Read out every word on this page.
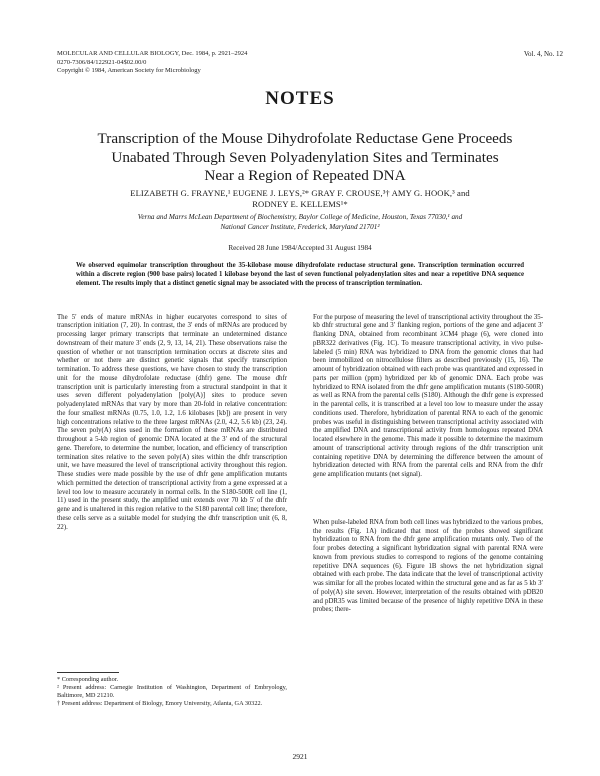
MOLECULAR AND CELLULAR BIOLOGY, Dec. 1984, p. 2921–2924
0270-7306/84/122921-04$02.00/0
Copyright © 1984, American Society for Microbiology
Vol. 4, No. 12
NOTES
Transcription of the Mouse Dihydrofolate Reductase Gene Proceeds
Unabated Through Seven Polyadenylation Sites and Terminates
Near a Region of Repeated DNA
ELIZABETH G. FRAYNE,¹ EUGENE J. LEYS,²* GRAY F. CROUSE,³† AMY G. HOOK,³ and
RODNEY E. KELLEMS¹*
Verna and Marrs McLean Department of Biochemistry, Baylor College of Medicine, Houston, Texas 77030,¹ and
National Cancer Institute, Frederick, Maryland 21701²
Received 28 June 1984/Accepted 31 August 1984
We observed equimolar transcription throughout the 35-kilobase mouse dihydrofolate reductase structural gene. Transcription termination occurred within a discrete region (900 base pairs) located 1 kilobase beyond the last of seven functional polyadenylation sites and near a repetitive DNA sequence element. The results imply that a distinct genetic signal may be associated with the process of transcription termination.

The 5′ ends of mature mRNAs in higher eucaryotes correspond to sites of transcription initiation (7, 20). In contrast, the 3′ ends of mRNAs are produced by processing larger primary transcripts that terminate an undetermined distance downstream of their mature 3′ ends (2, 9, 13, 14, 21). These observations raise the question of whether or not transcription termination occurs at discrete sites and whether or not there are distinct genetic signals that specify transcription termination. To address these questions, we have chosen to study the transcription unit for the mouse dihydrofolate reductase (dhfr) gene. The mouse dhfr transcription unit is particularly interesting from a structural standpoint in that it uses seven different polyadenylation [poly(A)] sites to produce seven polyadenylated mRNAs that vary by more than 20-fold in relative concentration: the four smallest mRNAs (0.75, 1.0, 1.2, 1.6 kilobases [kb]) are present in very high concentrations relative to the three largest mRNAs (2.0, 4.2, 5.6 kb) (23, 24). The seven poly(A) sites used in the formation of these mRNAs are distributed throughout a 5-kb region of genomic DNA located at the 3′ end of the structural gene. Therefore, to determine the number, location, and efficiency of transcription termination sites relative to the seven poly(A) sites within the dhfr transcription unit, we have measured the level of transcriptional activity throughout this region. These studies were made possible by the use of dhfr gene amplification mutants which permitted the detection of transcriptional activity from a gene expressed at a level too low to measure accurately in normal cells. In the S180-500R cell line (1, 11) used in the present study, the amplified unit extends over 70 kb 5′ of the dhfr gene and is unaltered in this region relative to the S180 parental cell line; therefore, these cells serve as a suitable model for studying the dhfr transcription unit (6, 8, 22).

For the purpose of measuring the level of transcriptional activity throughout the 35-kb dhfr structural gene and 3′ flanking region, portions of the gene and adjacent 3′ flanking DNA, obtained from recombinant λCM4 phage (6), were cloned into pBR322 derivatives (Fig. 1C). To measure transcriptional activity, in vivo pulse-labeled (5 min) RNA was hybridized to DNA from the genomic clones that had been immobilized on nitrocellulose filters as described previously (15, 16). The amount of hybridization obtained with each probe was quantitated and expressed in parts per million (ppm) hybridized per kb of genomic DNA. Each probe was hybridized to RNA isolated from the dhfr gene amplification mutants (S180-500R) as well as RNA from the parental cells (S180). Although the dhfr gene is expressed in the parental cells, it is transcribed at a level too low to measure under the assay conditions used. Therefore, hybridization of parental RNA to each of the genomic probes was useful in distinguishing between transcriptional activity associated with the amplified DNA and transcriptional activity from homologous repeated DNA located elsewhere in the genome. This made it possible to determine the maximum amount of transcriptional activity through regions of the dhfr transcription unit containing repetitive DNA by determining the difference between the amount of hybridization detected with RNA from the parental cells and RNA from the dhfr gene amplification mutants (net signal).

When pulse-labeled RNA from both cell lines was hybridized to the various probes, the results (Fig. 1A) indicated that most of the probes showed significant hybridization to RNA from the dhfr gene amplification mutants only. Two of the four probes detecting a significant hybridization signal with parental RNA were known from previous studies to correspond to regions of the genome containing repetitive DNA sequences (6). Figure 1B shows the net hybridization signal obtained with each probe. The data indicate that the level of transcriptional activity was similar for all the probes located within the structural gene and as far as 5 kb 3′ of poly(A) site seven. However, interpretation of the results obtained with pDB20 and pDR35 was limited because of the presence of highly repetitive DNA in these probes; there-

* Corresponding author.
² Present address: Carnegie Institution of Washington, Department of Embryology, Baltimore, MD 21210.
† Present address: Department of Biology, Emory University, Atlanta, GA 30322.
2921
